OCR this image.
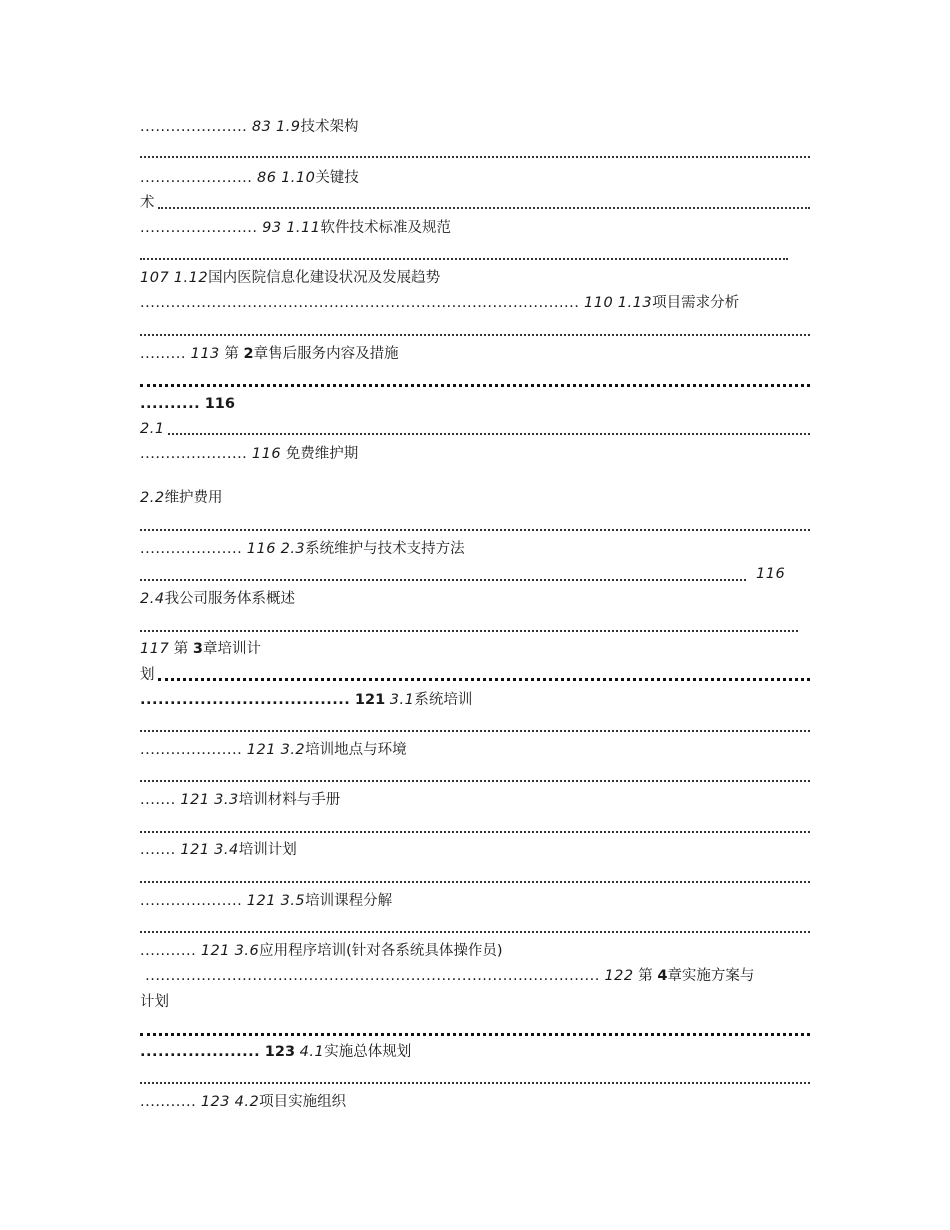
..................... 83 1.9技术架构
...................... 86 1.10关键技
术
....................... 93 1.11软件技术标准及规范
107 1.12国内医院信息化建设状况及发展趋势
...................................................................................... 110 1.13项目需求分析
......... 113 第 2章售后服务内容及措施
.......... 116
2.1
..................... 116 免费维护期
2.2维护费用
.................... 116 2.3系统维护与技术支持方法
116
2.4我公司服务体系概述
117 第 3章培训计
划
................................... 121 3.1系统培训
.................... 121 3.2培训地点与环境
....... 121 3.3培训材料与手册
....... 121 3.4培训计划
.................... 121 3.5培训课程分解
........... 121 3.6应用程序培训(针对各系统具体操作员)
......................................................................................... 122 第 4章实施方案与
计划
.................... 123 4.1实施总体规划
........... 123 4.2项目实施组织
